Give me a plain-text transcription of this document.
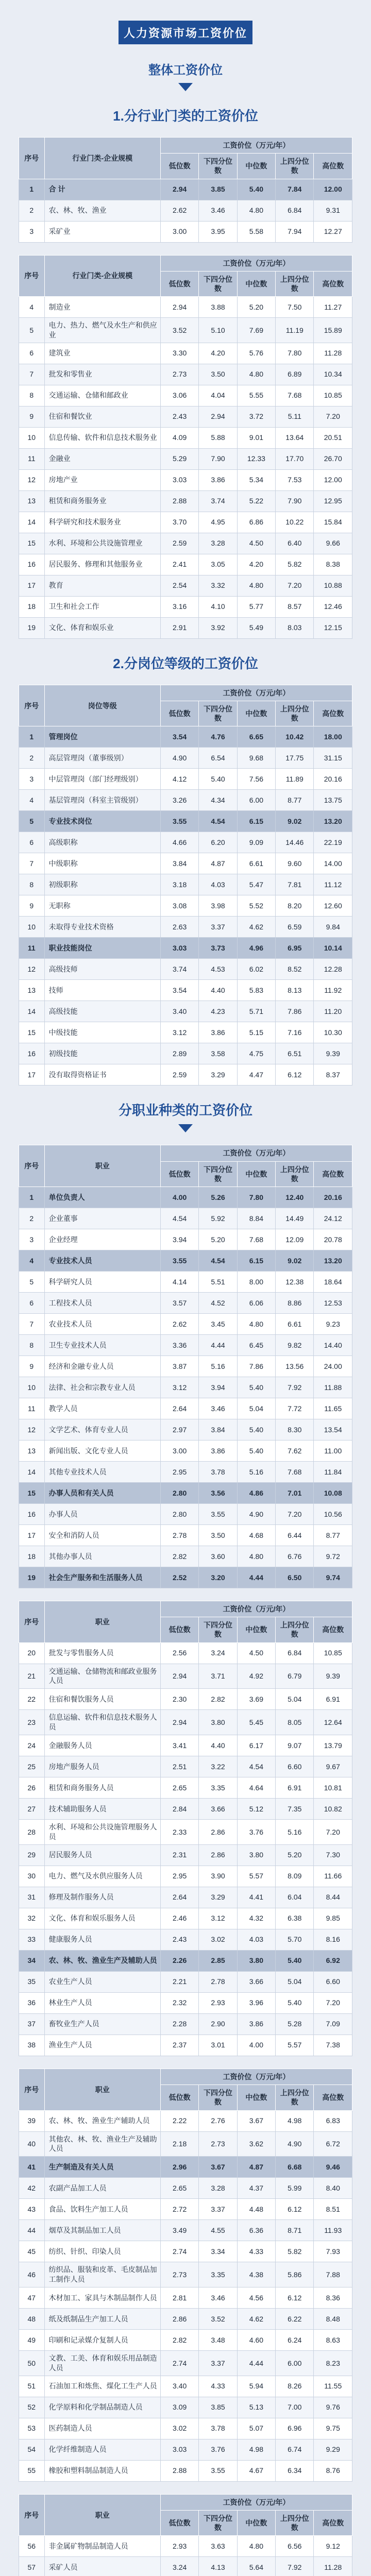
人力资源市场工资价位
整体工资价位
1.分行业门类的工资价位
序号	行业门类-企业规模	工资价位（万元/年）				
		低位数	下四分位数	中位数	上四分位数	高位数
1	合 计	2.94	3.85	5.40	7.84	12.00
2	农、林、牧、渔业	2.62	3.46	4.80	6.84	9.31
3	采矿业	3.00	3.95	5.58	7.94	12.27
序号	行业门类-企业规模	工资价位（万元/年）				
		低位数	下四分位数	中位数	上四分位数	高位数
4	制造业	2.94	3.88	5.20	7.50	11.27
5	电力、热力、燃气及水生产和供应业	3.52	5.10	7.69	11.19	15.89
6	建筑业	3.30	4.20	5.76	7.80	11.28
7	批发和零售业	2.73	3.50	4.80	6.89	10.34
8	交通运输、仓储和邮政业	3.06	4.04	5.55	7.68	10.85
9	住宿和餐饮业	2.43	2.94	3.72	5.11	7.20
10	信息传输、软件和信息技术服务业	4.09	5.88	9.01	13.64	20.51
11	金融业	5.29	7.90	12.33	17.70	26.70
12	房地产业	3.03	3.86	5.34	7.53	12.00
13	租赁和商务服务业	2.88	3.74	5.22	7.90	12.95
14	科学研究和技术服务业	3.70	4.95	6.86	10.22	15.84
15	水利、环境和公共设施管理业	2.59	3.28	4.50	6.40	9.66
16	居民服务、修理和其他服务业	2.41	3.05	4.20	5.82	8.38
17	教育	2.54	3.32	4.80	7.20	10.88
18	卫生和社会工作	3.16	4.10	5.77	8.57	12.46
19	文化、体育和娱乐业	2.91	3.92	5.49	8.03	12.15
2.分岗位等级的工资价位
序号	岗位等级	工资价位（万元/年）				
		低位数	下四分位数	中位数	上四分位数	高位数
1	管理岗位	3.54	4.76	6.65	10.42	18.00
2	高层管理岗（董事级别）	4.90	6.54	9.68	17.75	31.15
3	中层管理岗（部门经理级别）	4.12	5.40	7.56	11.89	20.16
4	基层管理岗（科室主管级别）	3.26	4.34	6.00	8.77	13.75
5	专业技术岗位	3.55	4.54	6.15	9.02	13.20
6	高级职称	4.66	6.20	9.09	14.46	22.19
7	中级职称	3.84	4.87	6.61	9.60	14.00
8	初级职称	3.18	4.03	5.47	7.81	11.12
9	无职称	3.08	3.98	5.52	8.20	12.60
10	未取得专业技术资格	2.63	3.37	4.62	6.59	9.84
11	职业技能岗位	3.03	3.73	4.96	6.95	10.14
12	高级技师	3.74	4.53	6.02	8.52	12.28
13	技师	3.54	4.40	5.83	8.13	11.92
14	高级技能	3.40	4.23	5.71	7.86	11.20
15	中级技能	3.12	3.86	5.15	7.16	10.30
16	初级技能	2.89	3.58	4.75	6.51	9.39
17	没有取得资格证书	2.59	3.29	4.47	6.12	8.37
分职业种类的工资价位
序号	职业	工资价位（万元/年）				
		低位数	下四分位数	中位数	上四分位数	高位数
1	单位负责人	4.00	5.26	7.80	12.40	20.16
2	企业董事	4.54	5.92	8.84	14.49	24.12
3	企业经理	3.94	5.20	7.68	12.09	20.78
4	专业技术人员	3.55	4.54	6.15	9.02	13.20
5	科学研究人员	4.14	5.51	8.00	12.38	18.64
6	工程技术人员	3.57	4.52	6.06	8.86	12.53
7	农业技术人员	2.62	3.45	4.80	6.61	9.23
8	卫生专业技术人员	3.36	4.44	6.45	9.82	14.40
9	经济和金融专业人员	3.87	5.16	7.86	13.56	24.00
10	法律、社会和宗教专业人员	3.12	3.94	5.40	7.92	11.88
11	教学人员	2.64	3.46	5.04	7.72	11.65
12	文学艺术、体育专业人员	2.97	3.84	5.40	8.30	13.54
13	新闻出版、文化专业人员	3.00	3.86	5.40	7.62	11.00
14	其他专业技术人员	2.95	3.78	5.16	7.68	11.84
15	办事人员和有关人员	2.80	3.56	4.86	7.01	10.08
16	办事人员	2.80	3.55	4.90	7.20	10.56
17	安全和消防人员	2.78	3.50	4.68	6.44	8.77
18	其他办事人员	2.82	3.60	4.80	6.76	9.72
19	社会生产服务和生活服务人员	2.52	3.20	4.44	6.50	9.74
序号	职业	工资价位（万元/年）				
		低位数	下四分位数	中位数	上四分位数	高位数
20	批发与零售服务人员	2.56	3.24	4.50	6.84	10.85
21	交通运输、仓储物流和邮政业服务人员	2.94	3.71	4.92	6.79	9.39
22	住宿和餐饮服务人员	2.30	2.82	3.69	5.04	6.91
23	信息运输、软件和信息技术服务人员	2.94	3.80	5.45	8.05	12.64
24	金融服务人员	3.41	4.40	6.17	9.07	13.79
25	房地产服务人员	2.51	3.22	4.54	6.60	9.67
26	租赁和商务服务人员	2.65	3.35	4.64	6.91	10.81
27	技术辅助服务人员	2.84	3.66	5.12	7.35	10.82
28	水利、环境和公共设施管理服务人员	2.33	2.86	3.76	5.16	7.20
29	居民服务人员	2.31	2.86	3.80	5.20	7.30
30	电力、燃气及水供应服务人员	2.95	3.90	5.57	8.09	11.66
31	修理及制作服务人员	2.64	3.29	4.41	6.04	8.44
32	文化、体育和娱乐服务人员	2.46	3.12	4.32	6.38	9.85
33	健康服务人员	2.43	3.02	4.03	5.70	8.16
34	农、林、牧、渔业生产及辅助人员	2.26	2.85	3.80	5.40	6.92
35	农业生产人员	2.21	2.78	3.66	5.04	6.60
36	林业生产人员	2.32	2.93	3.96	5.40	7.20
37	畜牧业生产人员	2.28	2.90	3.86	5.28	7.09
38	渔业生产人员	2.37	3.01	4.00	5.57	7.38
序号	职业	工资价位（万元/年）				
		低位数	下四分位数	中位数	上四分位数	高位数
39	农、林、牧、渔业生产辅助人员	2.22	2.76	3.67	4.98	6.83
40	其他农、林、牧、渔业生产及辅助人员	2.18	2.73	3.62	4.90	6.72
41	生产制造及有关人员	2.96	3.67	4.87	6.68	9.46
42	农副产品加工人员	2.65	3.28	4.37	5.99	8.40
43	食品、饮料生产加工人员	2.72	3.37	4.48	6.12	8.51
44	烟草及其制品加工人员	3.49	4.55	6.36	8.71	11.93
45	纺织、针织、印染人员	2.74	3.34	4.33	5.82	7.93
46	纺织品、服装和皮革、毛皮制品加工制作人员	2.73	3.35	4.38	5.86	7.88
47	木材加工、家具与木制品制作人员	2.81	3.46	4.56	6.12	8.36
48	纸及纸制品生产加工人员	2.86	3.52	4.62	6.22	8.48
49	印刷和记录媒介复制人员	2.82	3.48	4.60	6.24	8.63
50	文教、工美、体育和娱乐用品制造人员	2.74	3.37	4.44	6.00	8.23
51	石油加工和炼焦、煤化工生产人员	3.40	4.33	5.94	8.26	11.55
52	化学原料和化学制品制造人员	3.09	3.85	5.13	7.00	9.76
53	医药制造人员	3.02	3.78	5.07	6.96	9.75
54	化学纤维制造人员	3.03	3.76	4.98	6.74	9.29
55	橡胶和塑料制品制造人员	2.88	3.55	4.67	6.34	8.76
序号	职业	工资价位（万元/年）				
		低位数	下四分位数	中位数	上四分位数	高位数
56	非金属矿物制品制造人员	2.93	3.63	4.80	6.56	9.12
57	采矿人员	3.24	4.13	5.64	7.92	11.28
